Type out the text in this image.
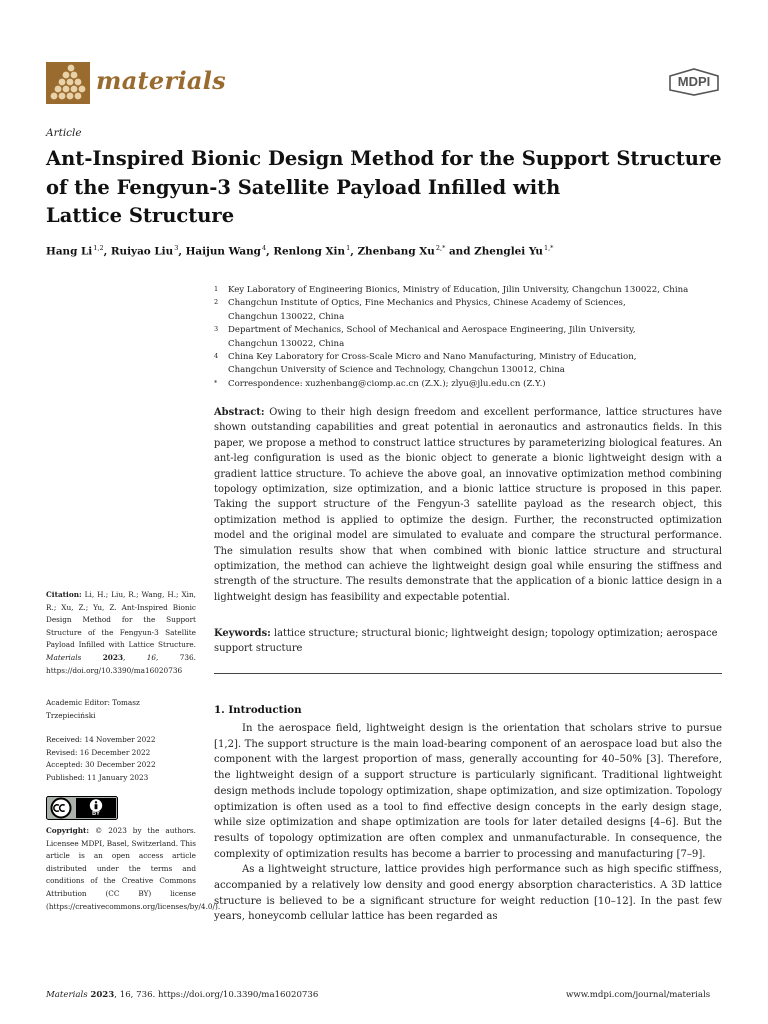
materials	MDPI
Article
Ant-Inspired Bionic Design Method for the Support Structure
of the Fengyun-3 Satellite Payload Infilled with
Lattice Structure
Hang Li $^{1,2}$, Ruiyao Liu $^3$, Haijun Wang $^4$, Renlong Xin $^1$, Zhenbang Xu $^{2,*}$ and Zhenglei Yu $^{1,*}$
1 Key Laboratory of Engineering Bionics, Ministry of Education, Jilin University, Changchun 130022, China
2 Changchun Institute of Optics, Fine Mechanics and Physics, Chinese Academy of Sciences,
Changchun 130022, China
3 Department of Mechanics, School of Mechanical and Aerospace Engineering, Jilin University,
Changchun 130022, China
4 China Key Laboratory for Cross-Scale Micro and Nano Manufacturing, Ministry of Education,
Changchun University of Science and Technology, Changchun 130012, China
* Correspondence: xuzhenbang@ciomp.ac.cn (Z.X.); zlyu@jlu.edu.cn (Z.Y.)
Abstract: Owing to their high design freedom and excellent performance, lattice structures have shown outstanding capabilities and great potential in aeronautics and astronautics fields. In this paper, we propose a method to construct lattice structures by parameterizing biological features. An ant-leg configuration is used as the bionic object to generate a bionic lightweight design with a gradient lattice structure. To achieve the above goal, an innovative optimization method combining topology optimization, size optimization, and a bionic lattice structure is proposed in this paper. Taking the support structure of the Fengyun-3 satellite payload as the research object, this optimization method is applied to optimize the design. Further, the reconstructed optimization model and the original model are simulated to evaluate and compare the structural performance. The simulation results show that when combined with bionic lattice structure and structural optimization, the method can achieve the lightweight design goal while ensuring the stiffness and strength of the structure. The results demonstrate that the application of a bionic lattice design in a lightweight design has feasibility and expectable potential.
Keywords: lattice structure; structural bionic; lightweight design; topology optimization; aerospace support structure
1. Introduction

In the aerospace field, lightweight design is the orientation that scholars strive to pursue [1,2]. The support structure is the main load-bearing component of an aerospace load but also the component with the largest proportion of mass, generally accounting for 40–50% [3]. Therefore, the lightweight design of a support structure is particularly significant. Traditional lightweight design methods include topology optimization, shape optimization, and size optimization. Topology optimization is often used as a tool to find effective design concepts in the early design stage, while size optimization and shape optimization are tools for later detailed designs [4–6]. But the results of topology optimization are often complex and unmanufacturable. In consequence, the complexity of optimization results has become a barrier to processing and manufacturing [7–9].

As a lightweight structure, lattice provides high performance such as high specific stiffness, accompanied by a relatively low density and good energy absorption characteristics. A 3D lattice structure is believed to be a significant structure for weight reduction [10–12]. In the past few years, honeycomb cellular lattice has been regarded as

Citation: Li, H.; Liu, R.; Wang, H.; Xin, R.; Xu, Z.; Yu, Z. Ant-Inspired Bionic Design Method for the Support Structure of the Fengyun-3 Satellite Payload Infilled with Lattice Structure. Materials	2023, 16, 736. https://doi.org/10.3390/ma16020736
Academic Editor: Tomasz
Trzepieciński
Received: 14 November 2022
Revised: 16 December 2022
Accepted: 30 December 2022
Published: 11 January 2023
BY
Copyright: © 2023 by the authors. Licensee MDPI, Basel, Switzerland. This article is an open access article distributed under the terms and conditions of the Creative Commons Attribution (CC BY) license (https://creativecommons.org/licenses/by/4.0/).
Materials 2023, 16, 736. https://doi.org/10.3390/ma16020736	www.mdpi.com/journal/materials
